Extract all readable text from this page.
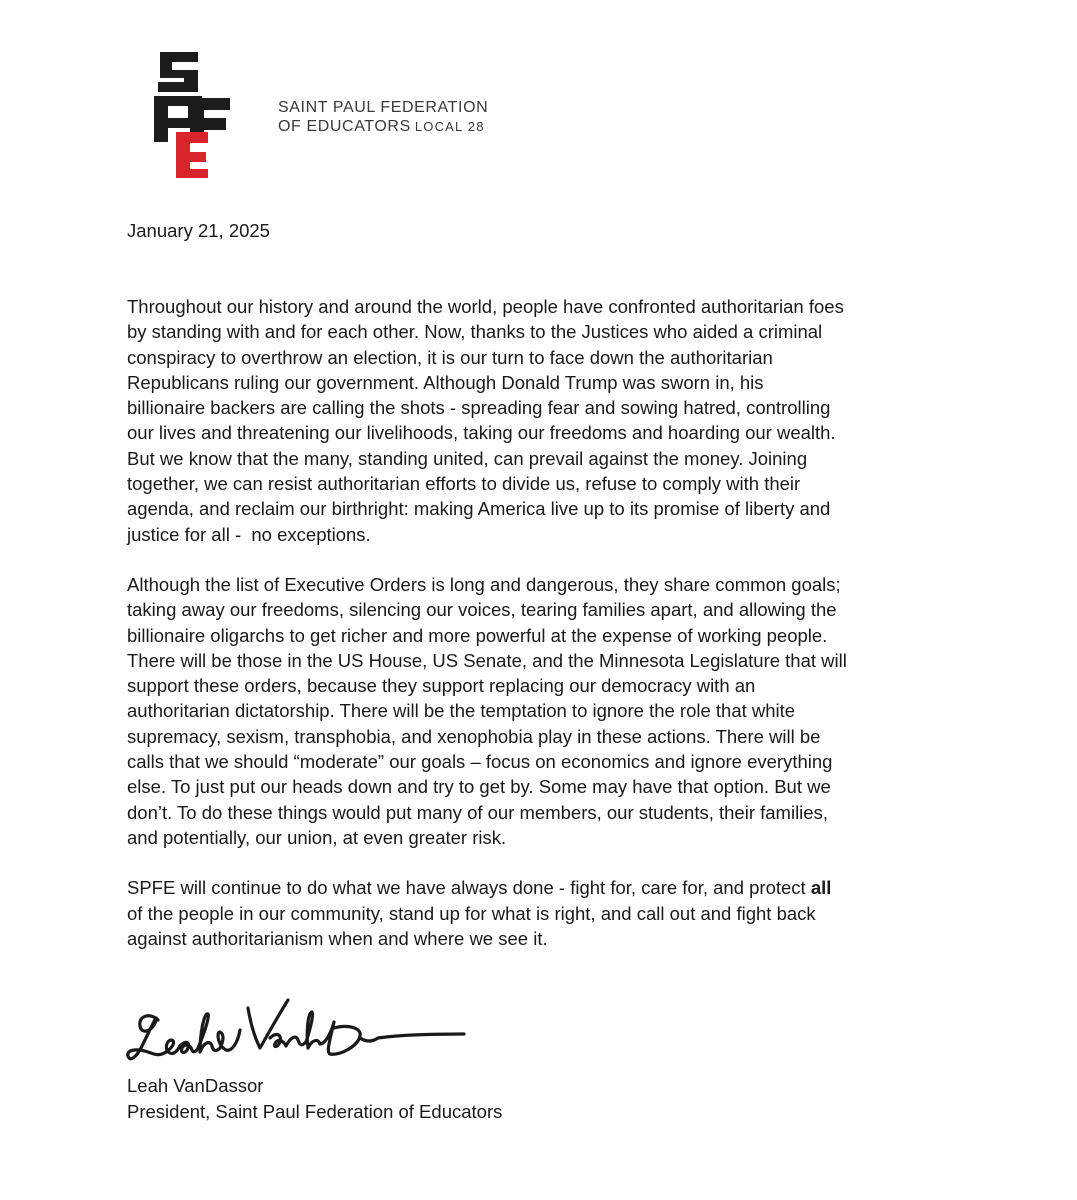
SAINT PAUL FEDERATION
OF EDUCATORS LOCAL 28
January 21, 2025
Throughout our history and around the world, people have confronted authoritarian foes
by standing with and for each other. Now, thanks to the Justices who aided a criminal
conspiracy to overthrow an election, it is our turn to face down the authoritarian
Republicans ruling our government. Although Donald Trump was sworn in, his
billionaire backers are calling the shots - spreading fear and sowing hatred, controlling
our lives and threatening our livelihoods, taking our freedoms and hoarding our wealth.
But we know that the many, standing united, can prevail against the money. Joining
together, we can resist authoritarian efforts to divide us, refuse to comply with their
agenda, and reclaim our birthright: making America live up to its promise of liberty and
justice for all -  no exceptions.
Although the list of Executive Orders is long and dangerous, they share common goals;
taking away our freedoms, silencing our voices, tearing families apart, and allowing the
billionaire oligarchs to get richer and more powerful at the expense of working people.
There will be those in the US House, US Senate, and the Minnesota Legislature that will
support these orders, because they support replacing our democracy with an
authoritarian dictatorship. There will be the temptation to ignore the role that white
supremacy, sexism, transphobia, and xenophobia play in these actions. There will be
calls that we should “moderate” our goals – focus on economics and ignore everything
else. To just put our heads down and try to get by. Some may have that option. But we
don’t. To do these things would put many of our members, our students, their families,
and potentially, our union, at even greater risk.
SPFE will continue to do what we have always done - fight for, care for, and protect all
of the people in our community, stand up for what is right, and call out and fight back
against authoritarianism when and where we see it.
Leah VanDassor
President, Saint Paul Federation of Educators
